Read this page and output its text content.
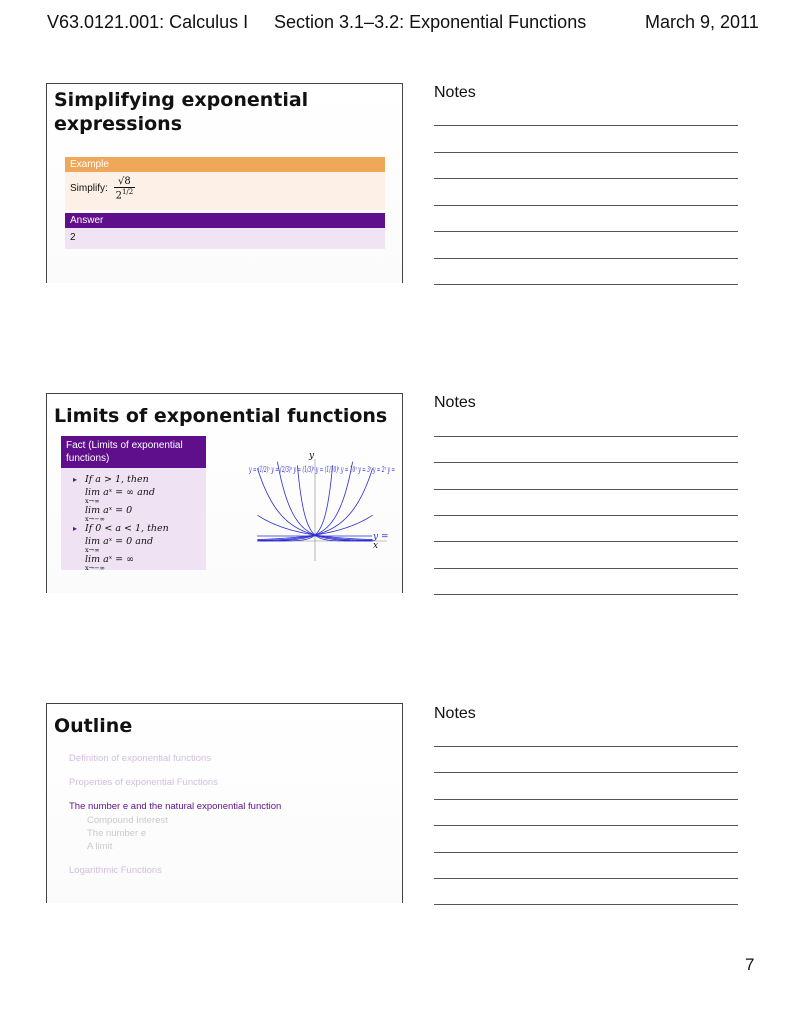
V63.0121.001: Calculus I Section 3.1–3.2: Exponential Functions	March 9, 2011
Simplifying exponential expressions
Example
Simplify: $\frac{√8}{2^{1/2}}$
Answer
2
Limits of exponential functions
Fact (Limits of exponential functions)
▸ If a > 1, then
lim aˣ = ∞ and
x→∞
lim aˣ = 0
x→−∞
▸ If 0 < a < 1, then
lim aˣ = 0 and
x→∞
lim aˣ = ∞
x→−∞
y
x
y = (1/2)ˣ y = (2/3)ˣ y = (1/3)ˣ y = (1/10)ˣ y = 10ˣ y = 3ˣ y = 2ˣ y =
y =
Outline
Definition of exponential functions
Properties of exponential Functions
The number e and the natural exponential function
Compound Interest
The number e
A limit
Logarithmic Functions
Notes
Notes
Notes
7
